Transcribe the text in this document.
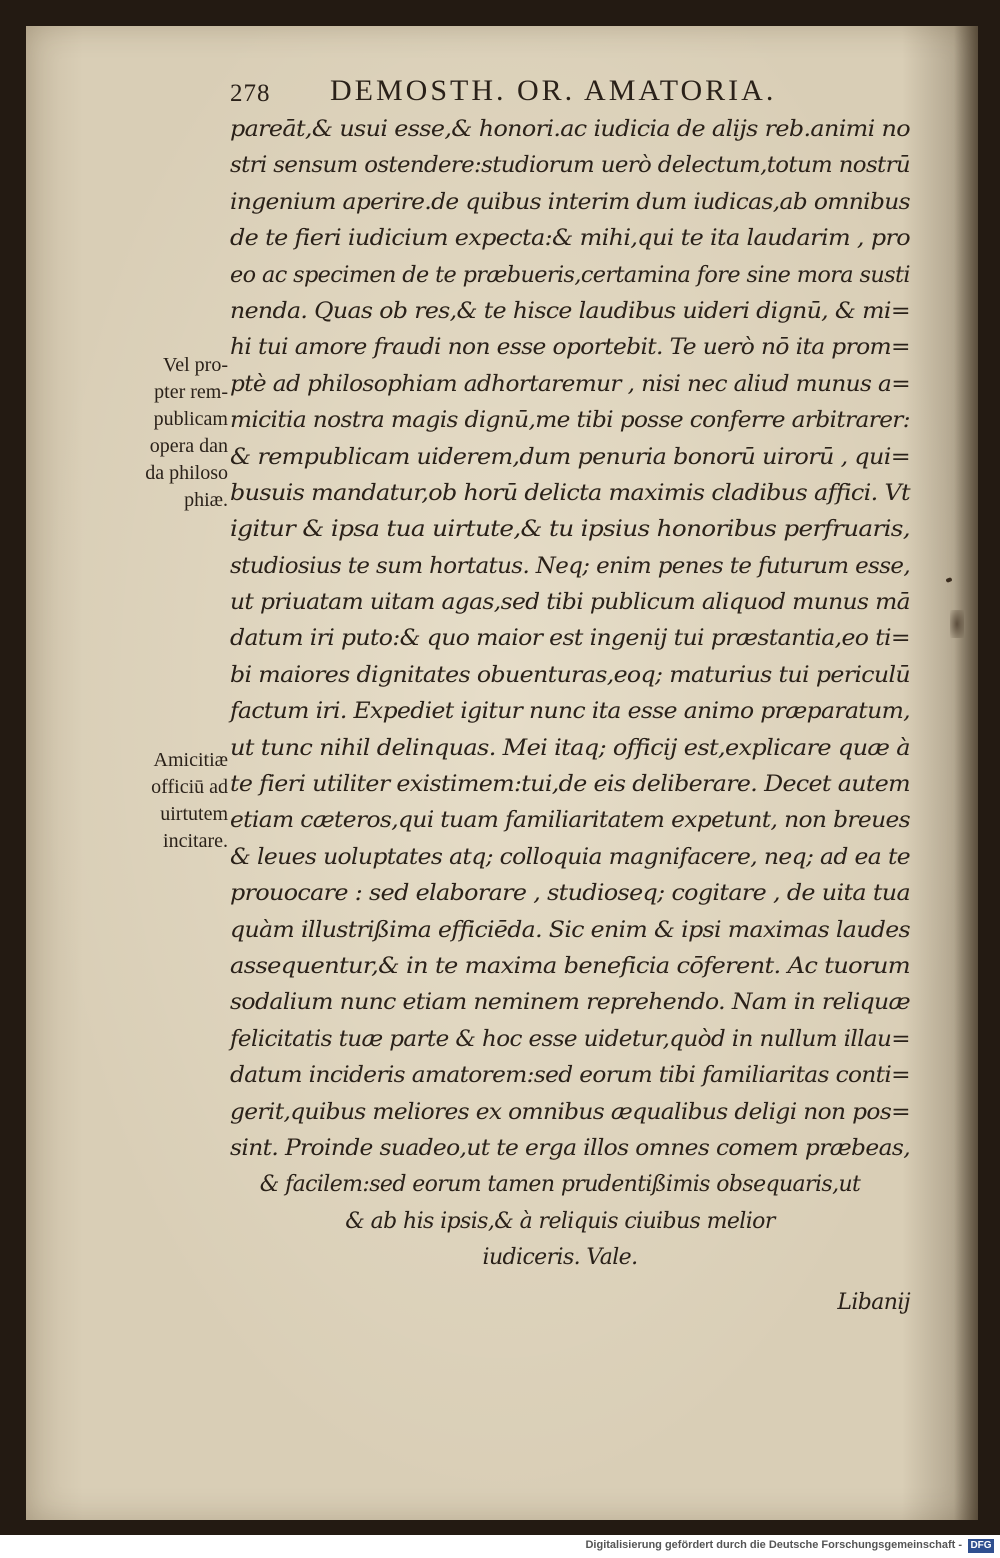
278 DEMOSTH. OR. AMATORIA.
pareāt,& usui esse,& honori.ac iudicia de alijs reb.animi no
stri sensum ostendere:studiorum uerò delectum,totum nostrū
ingenium aperire.de quibus interim dum iudicas,ab omnibus
de te fieri iudicium expecta:& mihi,qui te ita laudarim , pro
eo ac specimen de te præbueris,certamina fore sine mora susti
nenda. Quas ob res,& te hisce laudibus uideri dignū, & mi=
hi tui amore fraudi non esse oportebit. Te uerò nō ita prom=
ptè ad philosophiam adhortaremur , nisi nec aliud munus a=
micitia nostra magis dignū,me tibi posse conferre arbitrarer:
& rempublicam uiderem,dum penuria bonorū uirorū , qui=
busuis mandatur,ob horū delicta maximis cladibus affici. Vt
igitur & ipsa tua uirtute,& tu ipsius honoribus perfruaris,
studiosius te sum hortatus. Neq; enim penes te futurum esse,
ut priuatam uitam agas,sed tibi publicum aliquod munus mā
datum iri puto:& quo maior est ingenij tui præstantia,eo ti=
bi maiores dignitates obuenturas,eoq; maturius tui periculū
factum iri. Expediet igitur nunc ita esse animo præparatum,
ut tunc nihil delinquas. Mei itaq; officij est,explicare quæ à
te fieri utiliter existimem:tui,de eis deliberare. Decet autem
etiam cæteros,qui tuam familiaritatem expetunt, non breues
& leues uoluptates atq; colloquia magnifacere, neq; ad ea te
prouocare : sed elaborare , studioseq; cogitare , de uita tua
quàm illustrißima efficiēda. Sic enim & ipsi maximas laudes
assequentur,& in te maxima beneficia cōferent. Ac tuorum
sodalium nunc etiam neminem reprehendo. Nam in reliquæ
felicitatis tuæ parte & hoc esse uidetur,quòd in nullum illau=
datum incideris amatorem:sed eorum tibi familiaritas conti=
gerit,quibus meliores ex omnibus æqualibus deligi non pos=
sint. Proinde suadeo,ut te erga illos omnes comem præbeas,
& facilem:sed eorum tamen prudentißimis obsequaris,ut
& ab his ipsis,& à reliquis ciuibus melior
iudiceris. Vale.
Libanij
Vel pro-
pter rem-
publicam
opera dan
da philoso
phiæ.
Amicitiæ
officiū ad
uirtutem
incitare.
Digitalisierung gefördert durch die Deutsche Forschungsgemeinschaft - DFG
